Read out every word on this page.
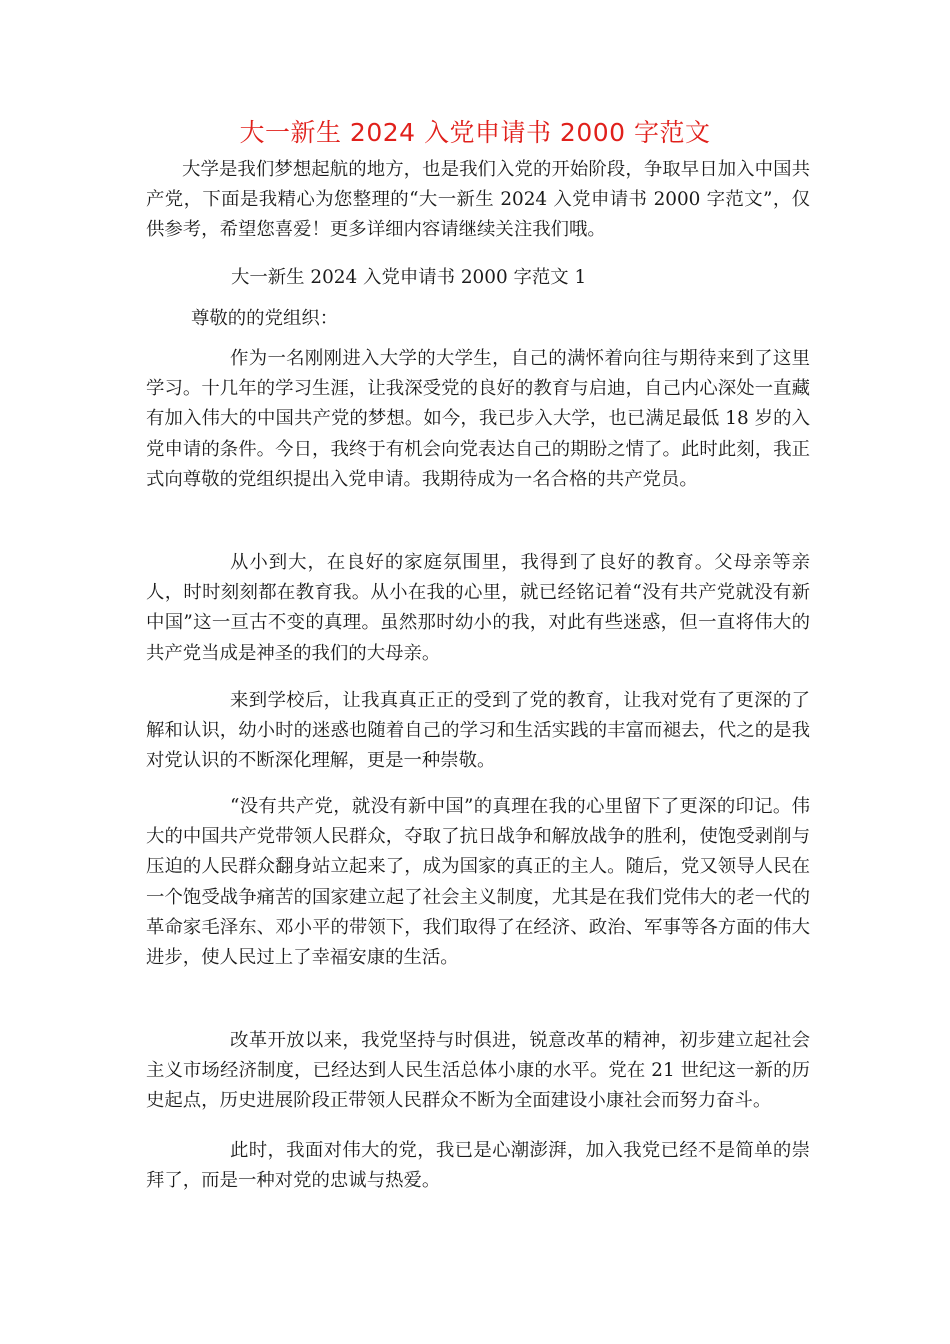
大一新生 2024 入党申请书 2000 字范文

大学是我们梦想起航的地方，也是我们入党的开始阶段，争取早日加入中国共产党，下面是我精心为您整理的“大一新生 2024 入党申请书 2000 字范文”，仅供参考，希望您喜爱！更多详细内容请继续关注我们哦。

大一新生 2024 入党申请书 2000 字范文 1

尊敬的的党组织：

作为一名刚刚进入大学的大学生，自己的满怀着向往与期待来到了这里学习。十几年的学习生涯，让我深受党的良好的教育与启迪，自己内心深处一直藏有加入伟大的中国共产党的梦想。如今，我已步入大学，也已满足最低 18 岁的入党申请的条件。今日，我终于有机会向党表达自己的期盼之情了。此时此刻，我正式向尊敬的党组织提出入党申请。我期待成为一名合格的共产党员。

从小到大，在良好的家庭氛围里，我得到了良好的教育。父母亲等亲人，时时刻刻都在教育我。从小在我的心里，就已经铭记着“没有共产党就没有新中国”这一亘古不变的真理。虽然那时幼小的我，对此有些迷惑，但一直将伟大的共产党当成是神圣的我们的大母亲。

来到学校后，让我真真正正的受到了党的教育，让我对党有了更深的了解和认识，幼小时的迷惑也随着自己的学习和生活实践的丰富而褪去，代之的是我对党认识的不断深化理解，更是一种崇敬。

“没有共产党，就没有新中国”的真理在我的心里留下了更深的印记。伟大的中国共产党带领人民群众，夺取了抗日战争和解放战争的胜利，使饱受剥削与压迫的人民群众翻身站立起来了，成为国家的真正的主人。随后，党又领导人民在一个饱受战争痛苦的国家建立起了社会主义制度，尤其是在我们党伟大的老一代的革命家毛泽东、邓小平的带领下，我们取得了在经济、政治、军事等各方面的伟大进步，使人民过上了幸福安康的生活。

改革开放以来，我党坚持与时俱进，锐意改革的精神，初步建立起社会主义市场经济制度，已经达到人民生活总体小康的水平。党在 21 世纪这一新的历史起点，历史进展阶段正带领人民群众不断为全面建设小康社会而努力奋斗。

此时，我面对伟大的党，我已是心潮澎湃，加入我党已经不是简单的崇拜了，而是一种对党的忠诚与热爱。
